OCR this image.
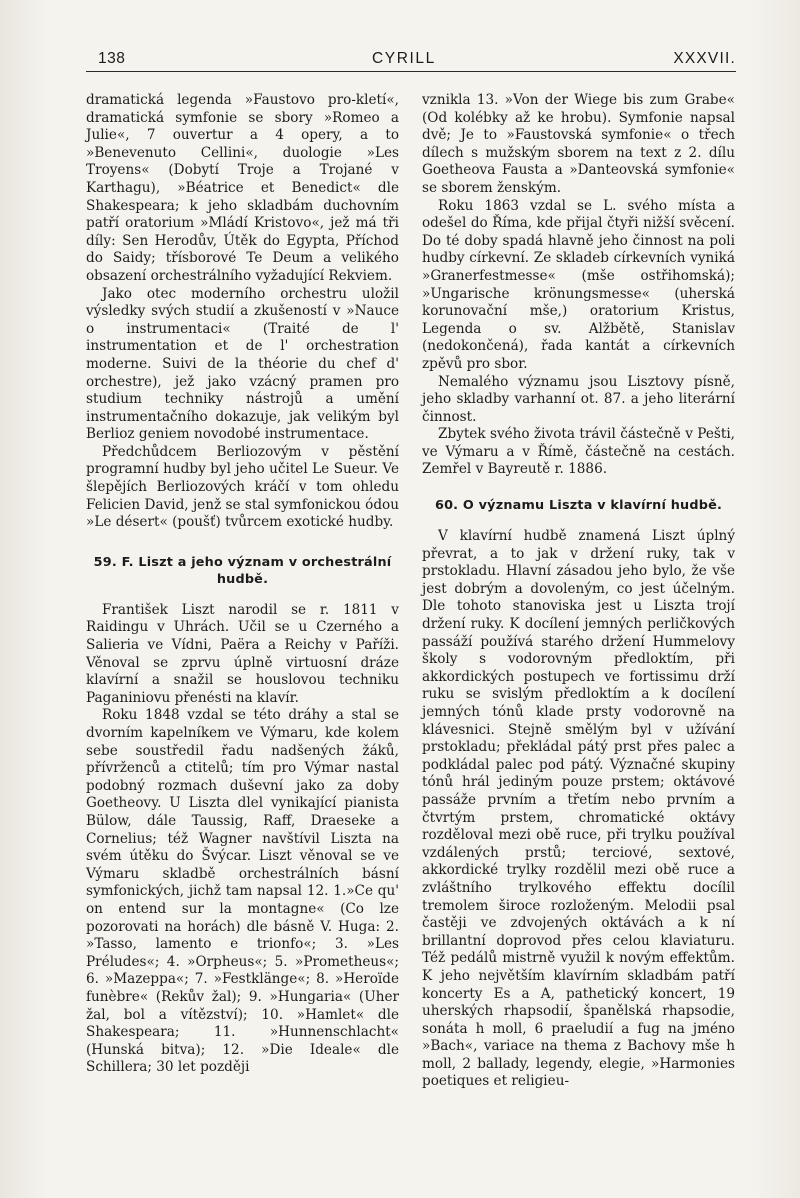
138	CYRILL	XXXVII.

dramatická legenda »Faustovo pro-kletí«, dramatická symfonie se sbory »Romeo a Julie«, 7 ouvertur a 4 opery, a to »Benevenuto Cellini«, duologie »Les Troyens« (Dobytí Troje a Trojané v Karthagu), »Béatrice et Benedict« dle Shakespeara; k jeho skladbám duchovním patří oratorium »Mládí Kristovo«, jež má tři díly: Sen Herodův, Útěk do Egypta, Příchod do Saidy; třísborové Te Deum a velikého obsazení orchestrálního vyžadující Rekviem.

Jako otec moderního orchestru uložil výsledky svých studií a zkušeností v »Nauce o instrumentaci« (Traité de l' instrumentation et de l' orchestration moderne. Suivi de la théorie du chef d' orchestre), jež jako vzácný pramen pro studium techniky nástrojů a umění instrumentačního dokazuje, jak velikým byl Berlioz geniem novodobé instrumentace.

Předchůdcem Berliozovým v pěstění programní hudby byl jeho učitel Le Sueur. Ve šlepějích Berliozových kráčí v tom ohledu Felicien David, jenž se stal symfonickou ódou »Le désert« (poušť) tvůrcem exotické hudby.

59. F. Liszt a jeho význam v orchestrální hudbě.

František Liszt narodil se r. 1811 v Raidingu v Uhrách. Učil se u Czerného a Salieria ve Vídni, Paëra a Reichy v Paříži. Věnoval se zprvu úplně virtuosní dráze klavírní a snažil se houslovou techniku Paganiniovu přenésti na klavír.

Roku 1848 vzdal se této dráhy a stal se dvorním kapelníkem ve Výmaru, kde kolem sebe soustředil řadu nadšených žáků, přívrženců a ctitelů; tím pro Výmar nastal podobný rozmach duševní jako za doby Goetheovy. U Liszta dlel vynikající pianista Bülow, dále Taussig, Raff, Draeseke a Cornelius; též Wagner navštívil Liszta na svém útěku do Švýcar. Liszt věnoval se ve Výmaru skladbě orchestrálních básní symfonických, jichž tam napsal 12. 1.»Ce qu' on entend sur la montagne« (Co lze pozorovati na horách) dle básně V. Huga: 2. »Tasso, lamento e trionfo«; 3. »Les Préludes«; 4. »Orpheus«; 5. »Prometheus«; 6. »Mazeppa«; 7. »Festklänge«; 8. »Heroïde funèbre« (Rekův žal); 9. »Hungaria« (Uher žal, bol a vítězství); 10. »Hamlet« dle Shakespeara; 11. »Hunnenschlacht« (Hunská bitva); 12. »Die Ideale« dle Schillera; 30 let později

vznikla 13. »Von der Wiege bis zum Grabe« (Od kolébky až ke hrobu). Symfonie napsal dvě; Je to »Faustovská symfonie« o třech dílech s mužským sborem na text z 2. dílu Goetheova Fausta a »Danteovská symfonie« se sborem ženským.

Roku 1863 vzdal se L. svého místa a odešel do Říma, kde přijal čtyři nižší svěcení. Do té doby spadá hlavně jeho činnost na poli hudby církevní. Ze skladeb církevních vyniká »Granerfestmesse« (mše ostřihomská); »Ungarische krönungsmesse« (uherská korunovační mše,) oratorium Kristus, Legenda o sv. Alžbětě, Stanislav (nedokončená), řada kantát a církevních zpěvů pro sbor.

Nemalého významu jsou Lisztovy písně, jeho skladby varhanní ot. 87. a jeho literární činnost.

Zbytek svého života trávil částečně v Pešti, ve Výmaru a v Římě, částečně na cestách. Zemřel v Bayreutě r. 1886.

60. O významu Liszta v klavírní hudbě.

V klavírní hudbě znamená Liszt úplný převrat, a to jak v držení ruky, tak v prstokladu. Hlavní zásadou jeho bylo, že vše jest dobrým a dovoleným, co jest účelným. Dle tohoto stanoviska jest u Liszta trojí držení ruky. K docílení jemných perličkových passáží používá starého držení Hummelovy školy s vodorovným předloktím, při akkordických postupech ve fortissimu drží ruku se svislým předloktím a k docílení jemných tónů klade prsty vodorovně na klávesnici. Stejně smělým byl v užívání prstokladu; překládal pátý prst přes palec a podkládal palec pod pátý. Význačné skupiny tónů hrál jediným pouze prstem; oktávové passáže prvním a třetím nebo prvním a čtvrtým prstem, chromatické oktávy rozděloval mezi obě ruce, při trylku používal vzdálených prstů; terciové, sextové, akkordické trylky rozdělil mezi obě ruce a zvláštního trylkového effektu docílil tremolem široce rozloženým. Melodii psal častěji ve zdvojených oktávách a k ní brillantní doprovod přes celou klaviaturu. Též pedálů mistrně využil k novým effektům. K jeho největším klavírním skladbám patří koncerty Es a A, pathetický koncert, 19 uherských rhapsodií, španělská rhapsodie, sonáta h moll, 6 praeludií a fug na jméno »Bach«, variace na thema z Bachovy mše h moll, 2 ballady, legendy, elegie, »Harmonies poetiques et religieu-
